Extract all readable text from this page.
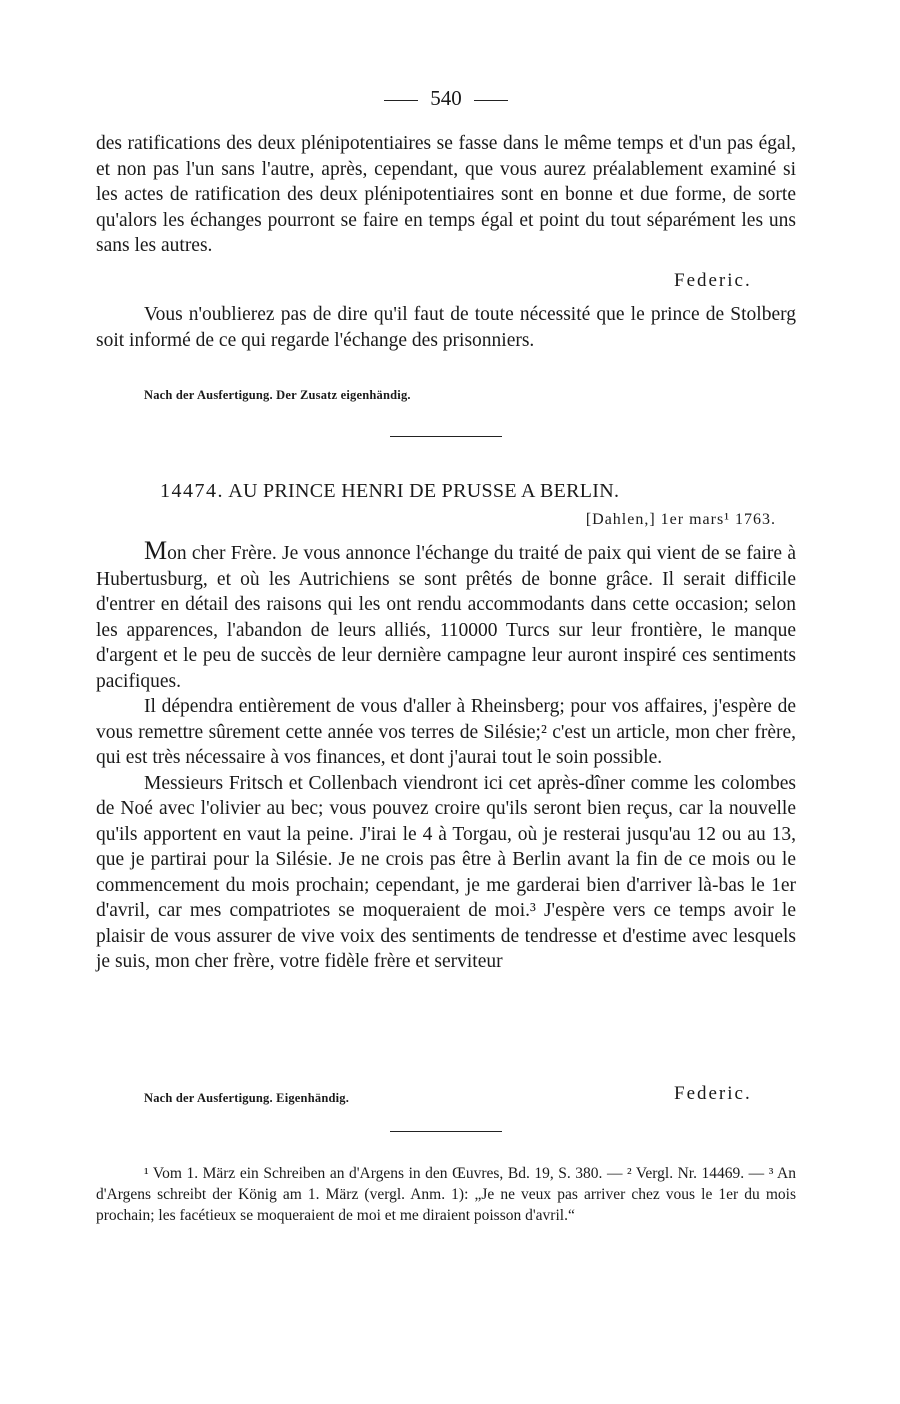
540

des ratifications des deux plénipotentiaires se fasse dans le même temps et d'un pas égal, et non pas l'un sans l'autre, après, cependant, que vous aurez préalablement examiné si les actes de ratification des deux plénipotentiaires sont en bonne et due forme, de sorte qu'alors les échanges pourront se faire en temps égal et point du tout séparément les uns sans les autres.

Federic.

Vous n'oublierez pas de dire qu'il faut de toute nécessité que le prince de Stolberg soit informé de ce qui regarde l'échange des prisonniers.

Nach der Ausfertigung. Der Zusatz eigenhändig.
14474. AU PRINCE HENRI DE PRUSSE A BERLIN.
[Dahlen,] 1er mars¹ 1763.

Mon cher Frère. Je vous annonce l'échange du traité de paix qui vient de se faire à Hubertusburg, et où les Autrichiens se sont prêtés de bonne grâce. Il serait difficile d'entrer en détail des raisons qui les ont rendu accommodants dans cette occasion; selon les apparences, l'abandon de leurs alliés, 110000 Turcs sur leur frontière, le manque d'argent et le peu de succès de leur dernière campagne leur auront inspiré ces sentiments pacifiques.

Il dépendra entièrement de vous d'aller à Rheinsberg; pour vos affaires, j'espère de vous remettre sûrement cette année vos terres de Silésie;² c'est un article, mon cher frère, qui est très nécessaire à vos finances, et dont j'aurai tout le soin possible.

Messieurs Fritsch et Collenbach viendront ici cet après-dîner comme les colombes de Noé avec l'olivier au bec; vous pouvez croire qu'ils seront bien reçus, car la nouvelle qu'ils apportent en vaut la peine. J'irai le 4 à Torgau, où je resterai jusqu'au 12 ou au 13, que je partirai pour la Silésie. Je ne crois pas être à Berlin avant la fin de ce mois ou le commencement du mois prochain; cependant, je me garderai bien d'arriver là-bas le 1er d'avril, car mes compatriotes se moqueraient de moi.³ J'espère vers ce temps avoir le plaisir de vous assurer de vive voix des sentiments de tendresse et d'estime avec lesquels je suis, mon cher frère, votre fidèle frère et serviteur

Nach der Ausfertigung. Eigenhändig.	Federic.

¹ Vom 1. März ein Schreiben an d'Argens in den Œuvres, Bd. 19, S. 380. — ² Vergl. Nr. 14469. — ³ An d'Argens schreibt der König am 1. März (vergl. Anm. 1): „Je ne veux pas arriver chez vous le 1er du mois prochain; les facétieux se moqueraient de moi et me diraient poisson d'avril.“
